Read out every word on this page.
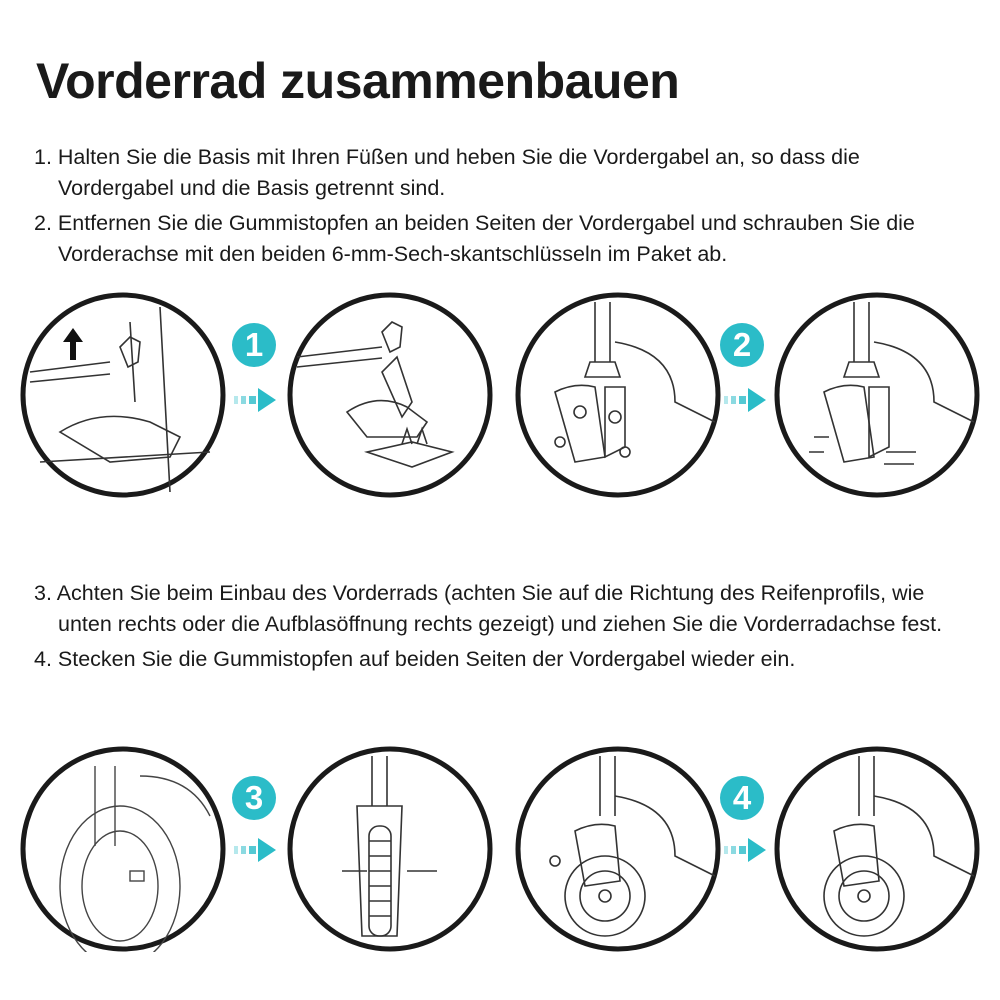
Vorderrad zusammenbauen

1. Halten Sie die Basis mit Ihren Füßen und heben Sie die Vordergabel an, so dass die Vordergabel und die Basis getrennt sind.

2. Entfernen Sie die Gummistopfen an beiden Seiten der Vordergabel und schrauben Sie die Vorderachse mit den beiden 6-mm-Sech-skantschlüsseln im Paket ab.

1	2

3. Achten Sie beim Einbau des Vorderrads (achten Sie auf die Richtung des Reifenprofils, wie unten rechts oder die Aufblasöffnung rechts gezeigt) und ziehen Sie die Vorderradachse fest.

4. Stecken Sie die Gummistopfen auf beiden Seiten der Vordergabel wieder ein.

3	4
